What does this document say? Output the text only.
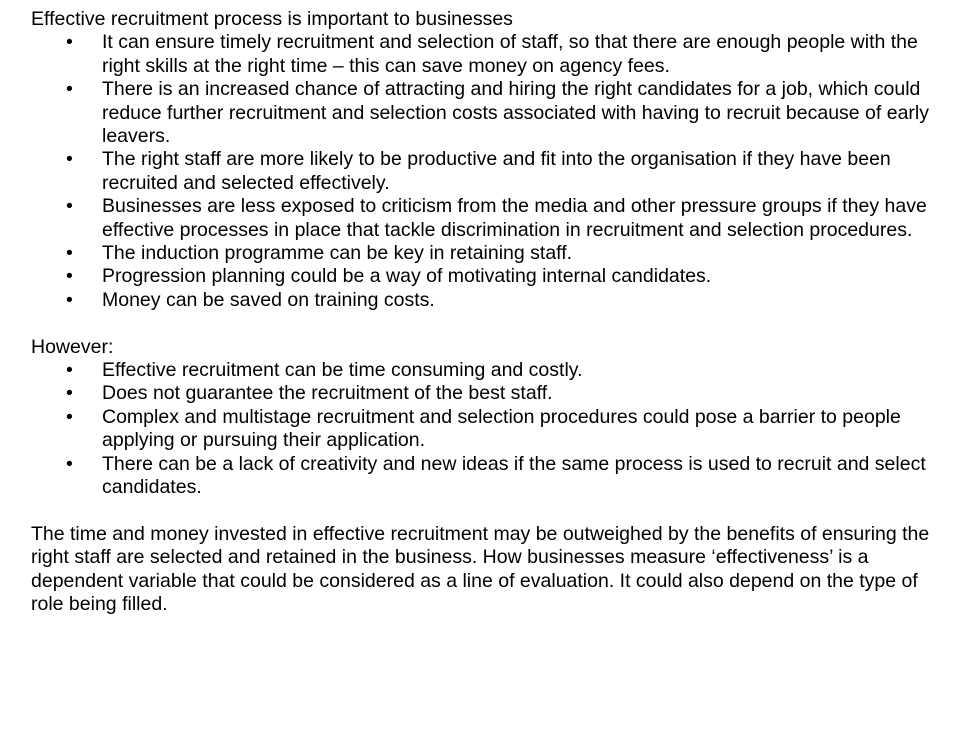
Effective recruitment process is important to businesses

• It can ensure timely recruitment and selection of staff, so that there are enough people with the right skills at the right time – this can save money on agency fees.
• There is an increased chance of attracting and hiring the right candidates for a job, which could reduce further recruitment and selection costs associated with having to recruit because of early leavers.
• The right staff are more likely to be productive and fit into the organisation if they have been recruited and selected effectively.
• Businesses are less exposed to criticism from the media and other pressure groups if they have effective processes in place that tackle discrimination in recruitment and selection procedures.
• The induction programme can be key in retaining staff.
• Progression planning could be a way of motivating internal candidates.
• Money can be saved on training costs.

However:

• Effective recruitment can be time consuming and costly.
• Does not guarantee the recruitment of the best staff.
• Complex and multistage recruitment and selection procedures could pose a barrier to people applying or pursuing their application.
• There can be a lack of creativity and new ideas if the same process is used to recruit and select candidates.

The time and money invested in effective recruitment may be outweighed by the benefits of ensuring the right staff are selected and retained in the business. How businesses measure ‘effectiveness’ is a dependent variable that could be considered as a line of evaluation. It could also depend on the type of role being filled.
